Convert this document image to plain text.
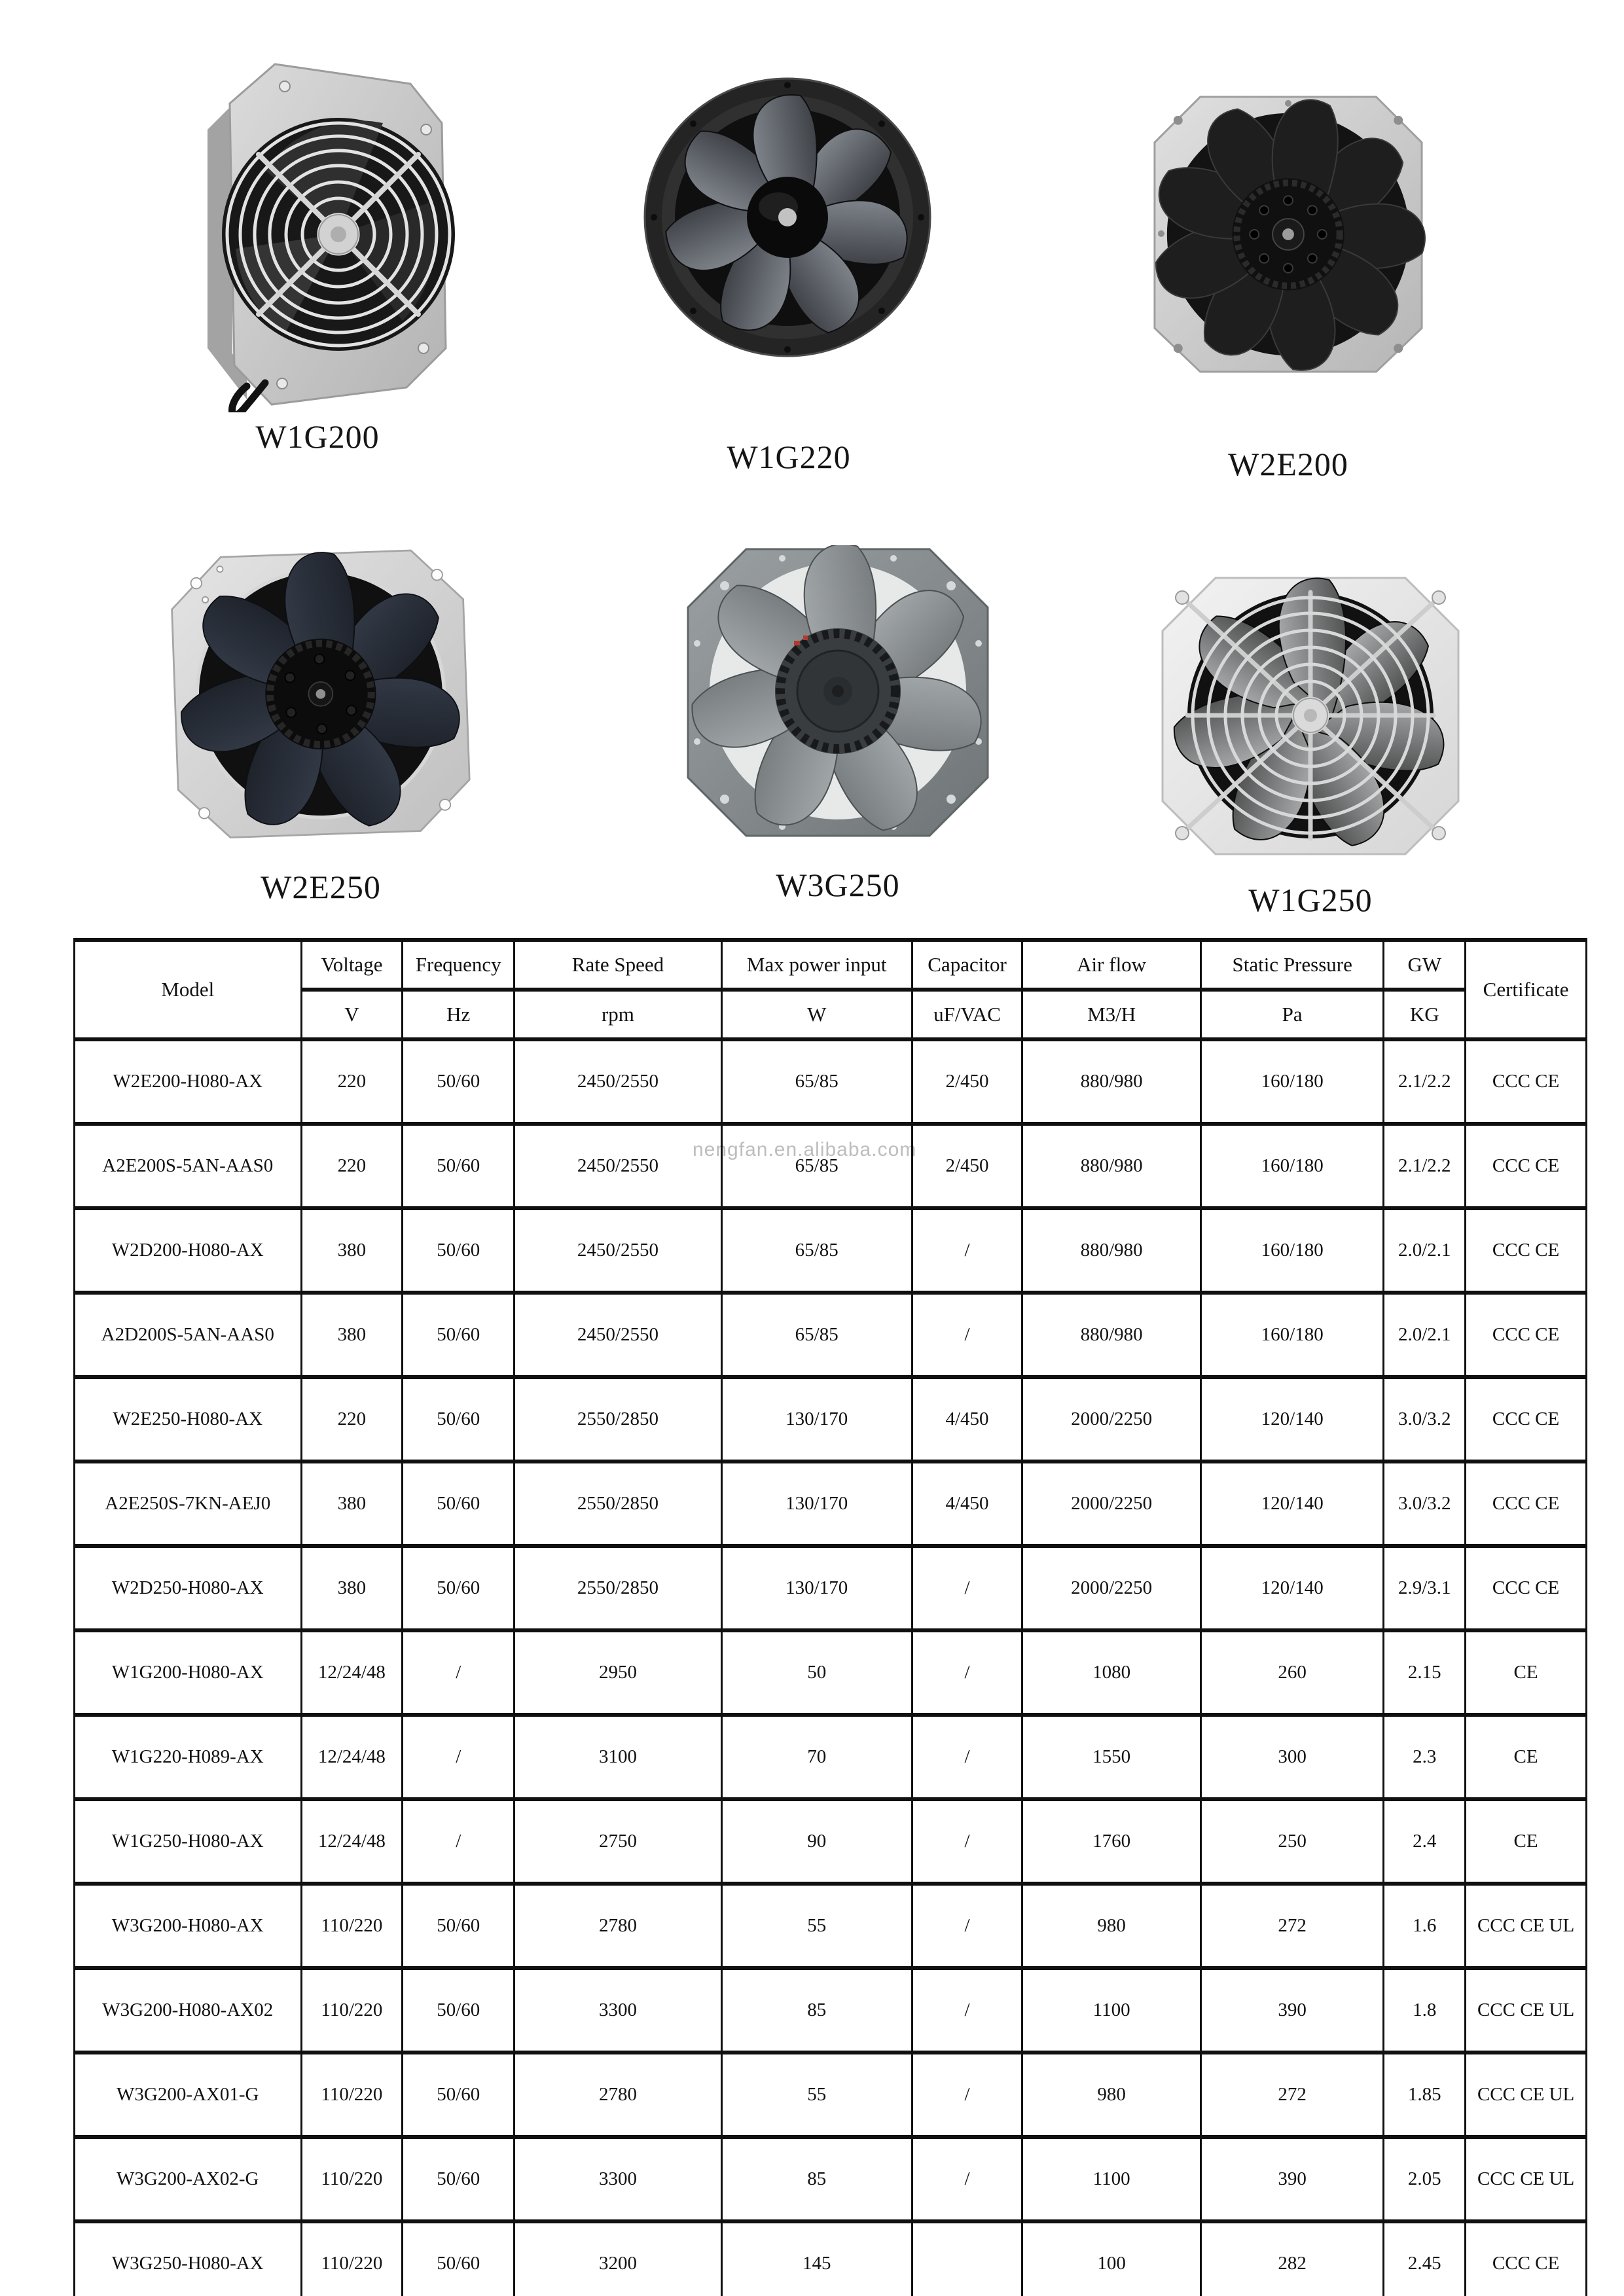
W1G200
W1G220	W2E200
W2E250	W3G250	W1G250
nengfan.en.alibaba.com
Model	Voltage	Frequency	Rate Speed	Max power input	Capacitor	Air flow	Static Pressure	GW	Certificate
	V	Hz	rpm	W	uF/VAC	M3/H	Pa	KG	
W2E200-H080-AX	220	50/60	2450/2550	65/85	2/450	880/980	160/180	2.1/2.2	CCC CE
A2E200S-5AN-AAS0	220	50/60	2450/2550	65/85	2/450	880/980	160/180	2.1/2.2	CCC CE
W2D200-H080-AX	380	50/60	2450/2550	65/85	/	880/980	160/180	2.0/2.1	CCC CE
A2D200S-5AN-AAS0	380	50/60	2450/2550	65/85	/	880/980	160/180	2.0/2.1	CCC CE
W2E250-H080-AX	220	50/60	2550/2850	130/170	4/450	2000/2250	120/140	3.0/3.2	CCC CE
A2E250S-7KN-AEJ0	380	50/60	2550/2850	130/170	4/450	2000/2250	120/140	3.0/3.2	CCC CE
W2D250-H080-AX	380	50/60	2550/2850	130/170	/	2000/2250	120/140	2.9/3.1	CCC CE
W1G200-H080-AX	12/24/48	/	2950	50	/	1080	260	2.15	CE
W1G220-H089-AX	12/24/48	/	3100	70	/	1550	300	2.3	CE
W1G250-H080-AX	12/24/48	/	2750	90	/	1760	250	2.4	CE
W3G200-H080-AX	110/220	50/60	2780	55	/	980	272	1.6	CCC CE UL
W3G200-H080-AX02	110/220	50/60	3300	85	/	1100	390	1.8	CCC CE UL
W3G200-AX01-G	110/220	50/60	2780	55	/	980	272	1.85	CCC CE UL
W3G200-AX02-G	110/220	50/60	3300	85	/	1100	390	2.05	CCC CE UL
W3G250-H080-AX	110/220	50/60	3200	145		100	282	2.45	CCC CE
